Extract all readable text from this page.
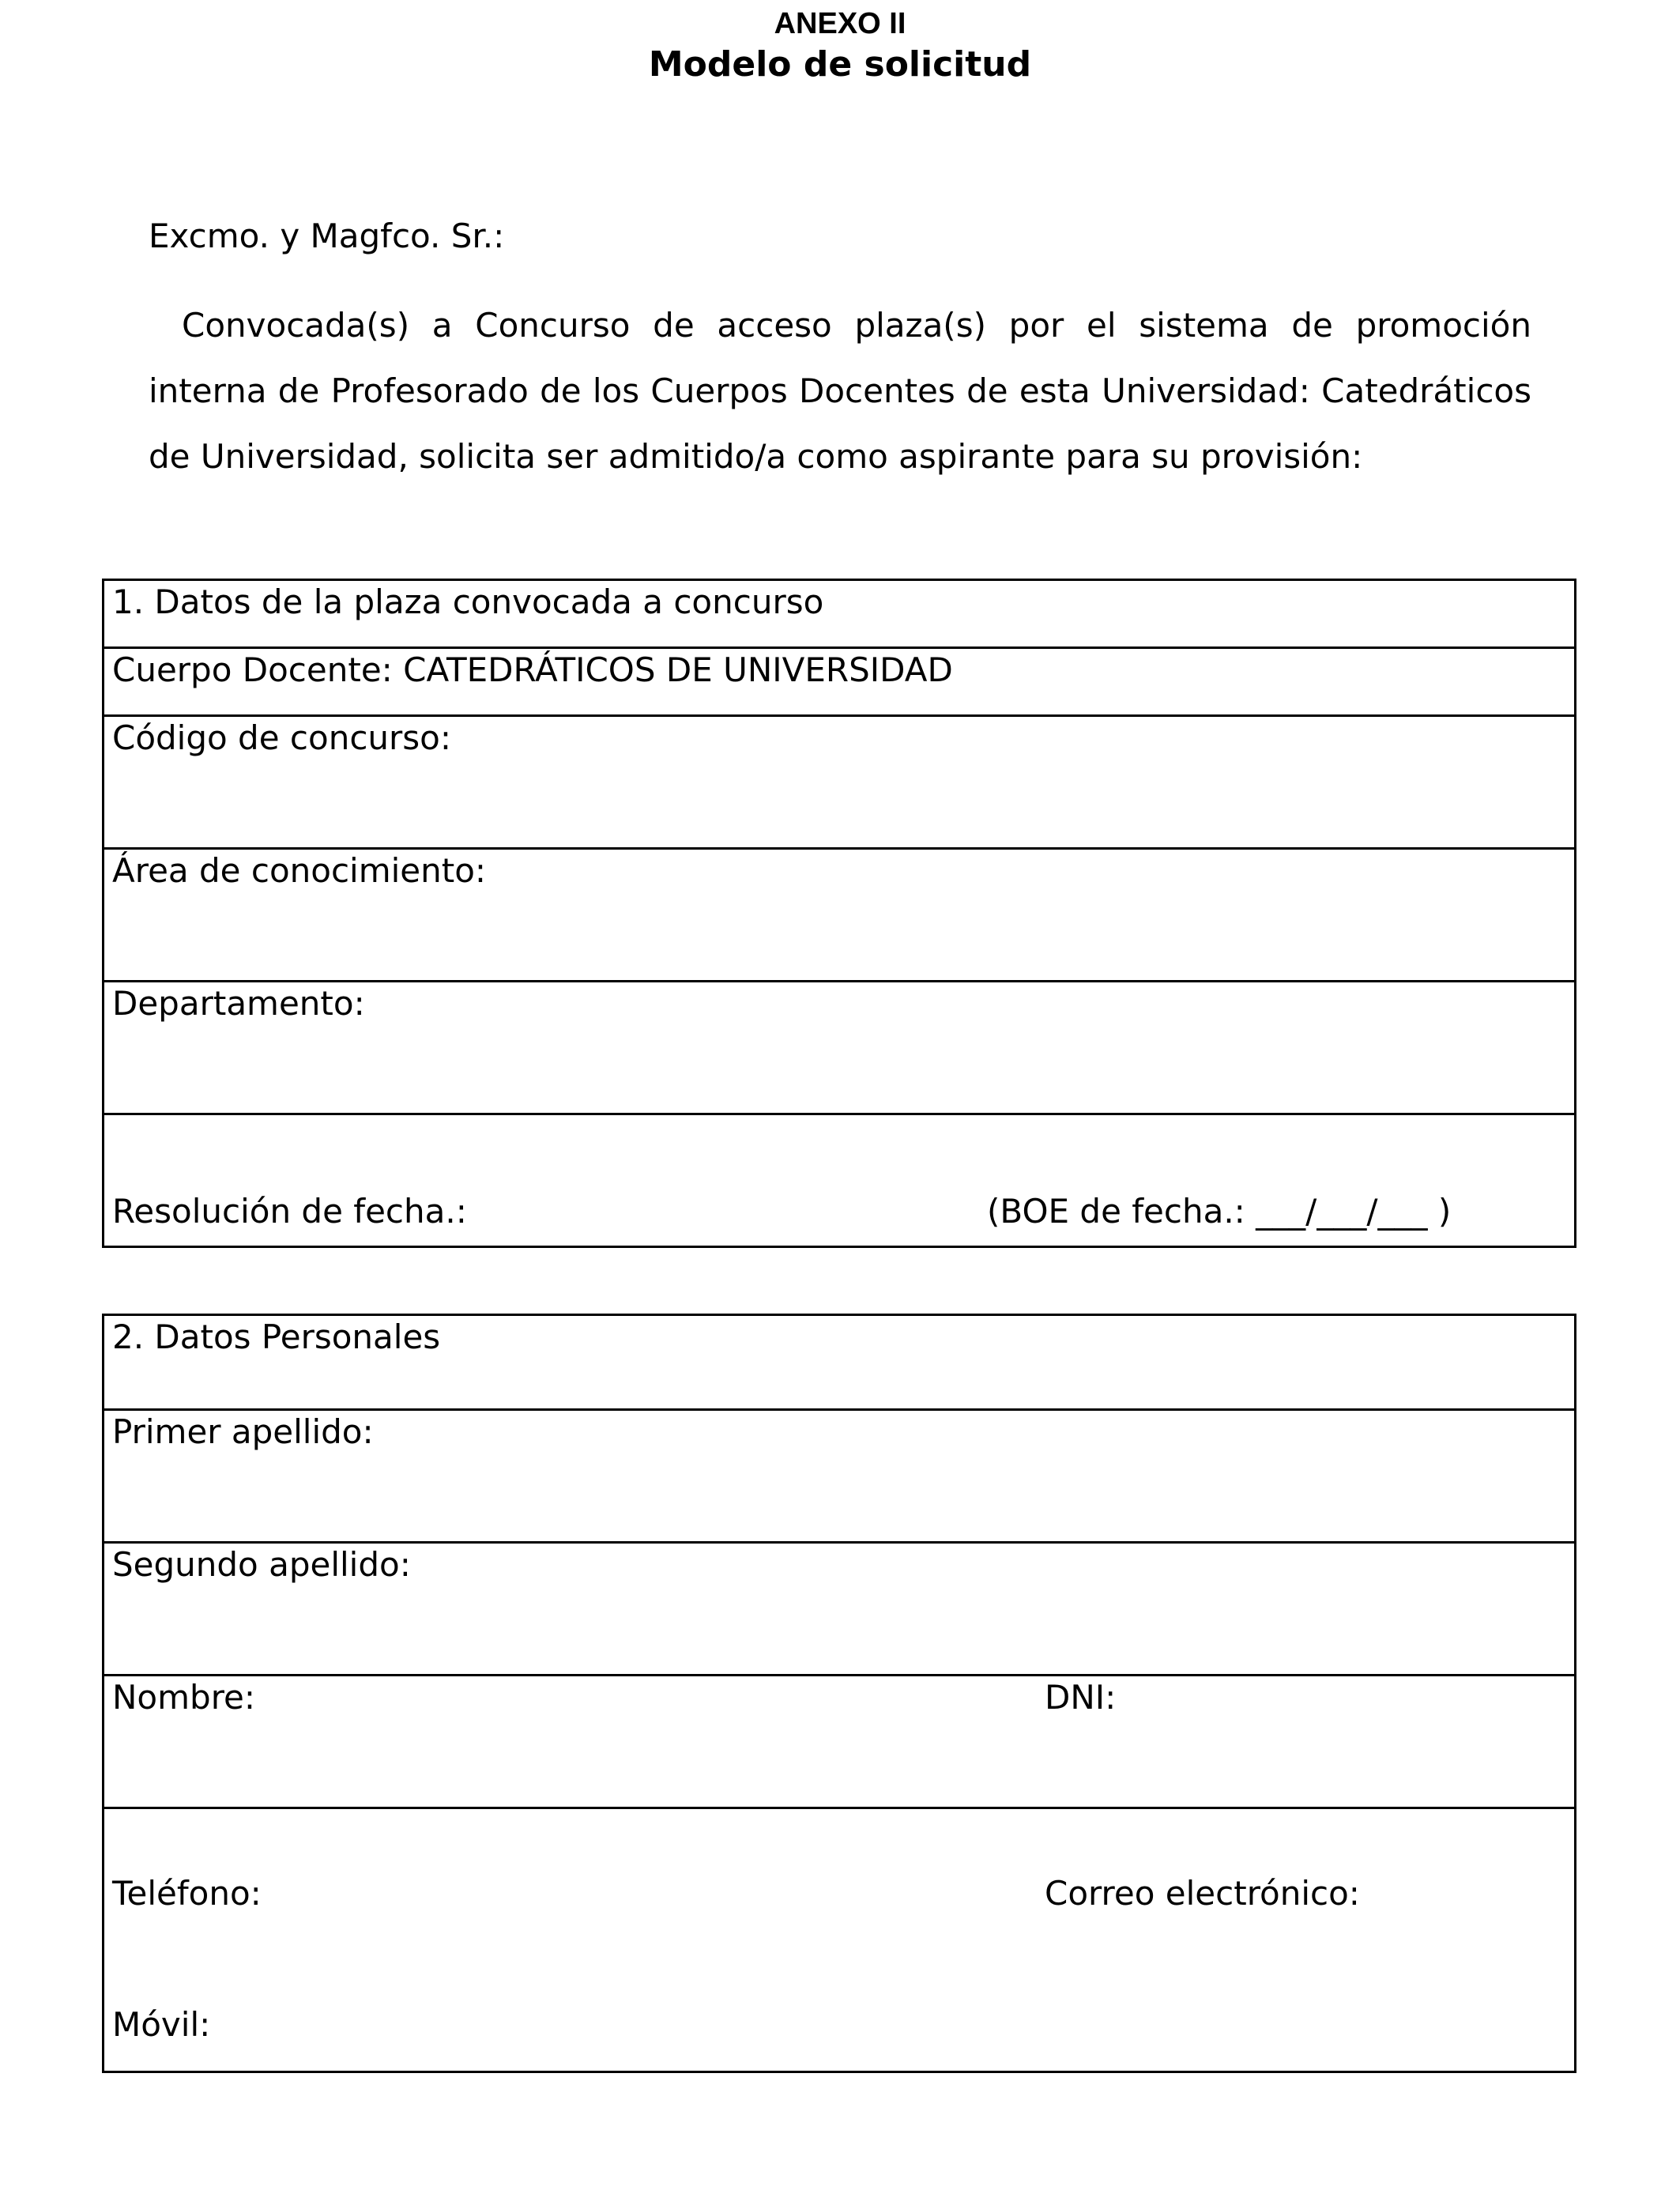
ANEXO II
Modelo de solicitud
Excmo. y Magfco. Sr.:
Convocada(s) a Concurso de acceso plaza(s) por el sistema de promoción interna de Profesorado de los Cuerpos Docentes de esta Universidad: Catedráticos de Universidad, solicita ser admitido/a como aspirante para su provisión:
1. Datos de la plaza convocada a concurso
Cuerpo Docente: CATEDRÁTICOS DE UNIVERSIDAD
Código de concurso:
Área de conocimiento:
Departamento:

Resolución de fecha.:	(BOE de fecha.: ___/___/___ )
2. Datos Personales
Primer apellido:
Segundo apellido:

Nombre:	DNI:

Teléfono:	Correo electrónico:
Móvil:
